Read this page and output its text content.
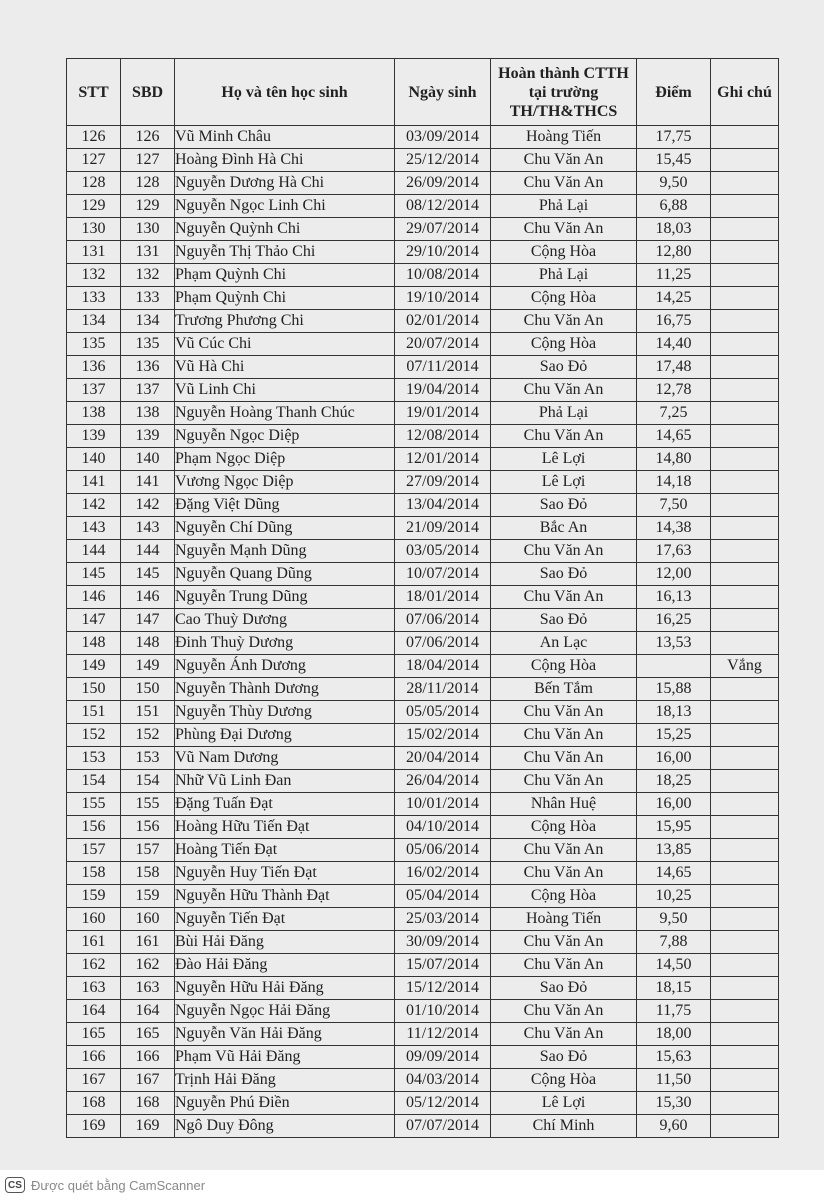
STT	SBD	Họ và tên học sinh	Ngày sinh	Hoàn thành CTTH tại trường TH/TH&THCS	Điểm	Ghi chú
126	126	Vũ Minh Châu	03/09/2014	Hoàng Tiến	17,75	
127	127	Hoàng Đình Hà Chi	25/12/2014	Chu Văn An	15,45	
128	128	Nguyễn Dương Hà Chi	26/09/2014	Chu Văn An	9,50	
129	129	Nguyễn Ngọc Linh Chi	08/12/2014	Phả Lại	6,88	
130	130	Nguyễn Quỳnh Chi	29/07/2014	Chu Văn An	18,03	
131	131	Nguyễn Thị Thảo Chi	29/10/2014	Cộng Hòa	12,80	
132	132	Phạm Quỳnh Chi	10/08/2014	Phả Lại	11,25	
133	133	Phạm Quỳnh Chi	19/10/2014	Cộng Hòa	14,25	
134	134	Trương Phương Chi	02/01/2014	Chu Văn An	16,75	
135	135	Vũ Cúc Chi	20/07/2014	Cộng Hòa	14,40	
136	136	Vũ Hà Chi	07/11/2014	Sao Đỏ	17,48	
137	137	Vũ Linh Chi	19/04/2014	Chu Văn An	12,78	
138	138	Nguyễn Hoàng Thanh Chúc	19/01/2014	Phả Lại	7,25	
139	139	Nguyễn Ngọc Diệp	12/08/2014	Chu Văn An	14,65	
140	140	Phạm Ngọc Diệp	12/01/2014	Lê Lợi	14,80	
141	141	Vương Ngọc Diệp	27/09/2014	Lê Lợi	14,18	
142	142	Đặng Việt Dũng	13/04/2014	Sao Đỏ	7,50	
143	143	Nguyễn Chí Dũng	21/09/2014	Bắc An	14,38	
144	144	Nguyễn Mạnh Dũng	03/05/2014	Chu Văn An	17,63	
145	145	Nguyễn Quang Dũng	10/07/2014	Sao Đỏ	12,00	
146	146	Nguyễn Trung Dũng	18/01/2014	Chu Văn An	16,13	
147	147	Cao Thuỳ Dương	07/06/2014	Sao Đỏ	16,25	
148	148	Đinh Thuỳ Dương	07/06/2014	An Lạc	13,53	
149	149	Nguyễn Ánh Dương	18/04/2014	Cộng Hòa		Vắng
150	150	Nguyễn Thành Dương	28/11/2014	Bến Tắm	15,88	
151	151	Nguyễn Thùy Dương	05/05/2014	Chu Văn An	18,13	
152	152	Phùng Đại Dương	15/02/2014	Chu Văn An	15,25	
153	153	Vũ Nam Dương	20/04/2014	Chu Văn An	16,00	
154	154	Nhữ Vũ Linh Đan	26/04/2014	Chu Văn An	18,25	
155	155	Đặng Tuấn Đạt	10/01/2014	Nhân Huệ	16,00	
156	156	Hoàng Hữu Tiến Đạt	04/10/2014	Cộng Hòa	15,95	
157	157	Hoàng Tiến Đạt	05/06/2014	Chu Văn An	13,85	
158	158	Nguyễn Huy Tiến Đạt	16/02/2014	Chu Văn An	14,65	
159	159	Nguyễn Hữu Thành Đạt	05/04/2014	Cộng Hòa	10,25	
160	160	Nguyễn Tiến Đạt	25/03/2014	Hoàng Tiến	9,50	
161	161	Bùi Hải Đăng	30/09/2014	Chu Văn An	7,88	
162	162	Đào Hải Đăng	15/07/2014	Chu Văn An	14,50	
163	163	Nguyễn Hữu Hải Đăng	15/12/2014	Sao Đỏ	18,15	
164	164	Nguyễn Ngọc Hải Đăng	01/10/2014	Chu Văn An	11,75	
165	165	Nguyễn Văn Hải Đăng	11/12/2014	Chu Văn An	18,00	
166	166	Phạm Vũ Hải Đăng	09/09/2014	Sao Đỏ	15,63	
167	167	Trịnh Hải Đăng	04/03/2014	Cộng Hòa	11,50	
168	168	Nguyễn Phú Điền	05/12/2014	Lê Lợi	15,30	
169	169	Ngô Duy Đông	07/07/2014	Chí Minh	9,60	
CS Được quét bằng CamScanner
